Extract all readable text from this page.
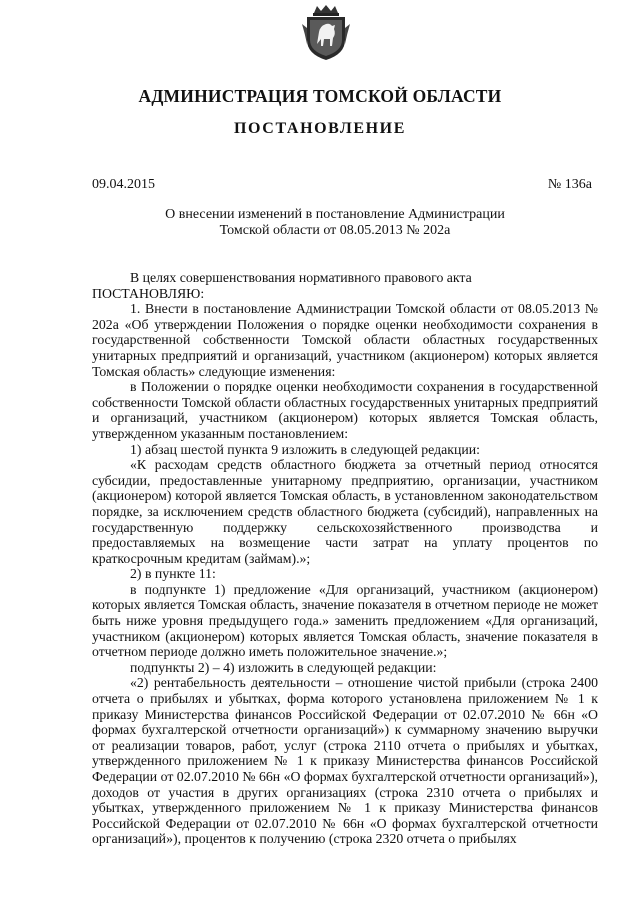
АДМИНИСТРАЦИЯ ТОМСКОЙ ОБЛАСТИ
ПОСТАНОВЛЕНИЕ
09.04.2015	№ 136а
О внесении изменений в постановление Администрации
Томской области от 08.05.2013 № 202а

В целях совершенствования нормативного правового акта

ПОСТАНОВЛЯЮ:

1. Внести в постановление Администрации Томской области от 08.05.2013 № 202а «Об утверждении Положения о порядке оценки необходимости сохранения в государственной собственности Томской области областных государственных унитарных предприятий и организаций, участником (акционером) которых является Томская область» следующие изменения:

в Положении о порядке оценки необходимости сохранения в государственной собственности Томской области областных государственных унитарных предприятий и организаций, участником (акционером) которых является Томская область, утвержденном указанным постановлением:

1) абзац шестой пункта 9 изложить в следующей редакции:

«К расходам средств областного бюджета за отчетный период относятся субсидии, предоставленные унитарному предприятию, организации, участником (акционером) которой является Томская область, в установленном законодательством порядке, за исключением средств областного бюджета (субсидий), направленных на государственную поддержку сельскохозяйственного производства и предоставляемых на возмещение части затрат на уплату процентов по краткосрочным кредитам (займам).»;

2) в пункте 11:

в подпункте 1) предложение «Для организаций, участником (акционером) которых является Томская область, значение показателя в отчетном периоде не может быть ниже уровня предыдущего года.» заменить предложением «Для организаций, участником (акционером) которых является Томская область, значение показателя в отчетном периоде должно иметь положительное значение.»;

подпункты 2) – 4) изложить в следующей редакции:

«2) рентабельность деятельности – отношение чистой прибыли (строка 2400 отчета о прибылях и убытках, форма которого установлена приложением № 1 к приказу Министерства финансов Российской Федерации от 02.07.2010 № 66н «О формах бухгалтерской отчетности организаций») к суммарному значению выручки от реализации товаров, работ, услуг (строка 2110 отчета о прибылях и убытках, утвержденного приложением № 1 к приказу Министерства финансов Российской Федерации от 02.07.2010 № 66н «О формах бухгалтерской отчетности организаций»), доходов от участия в других организациях (строка 2310 отчета о прибылях и убытках, утвержденного приложением № 1 к приказу Министерства финансов Российской Федерации от 02.07.2010 № 66н «О формах бухгалтерской отчетности организаций»), процентов к получению (строка 2320 отчета о прибылях
